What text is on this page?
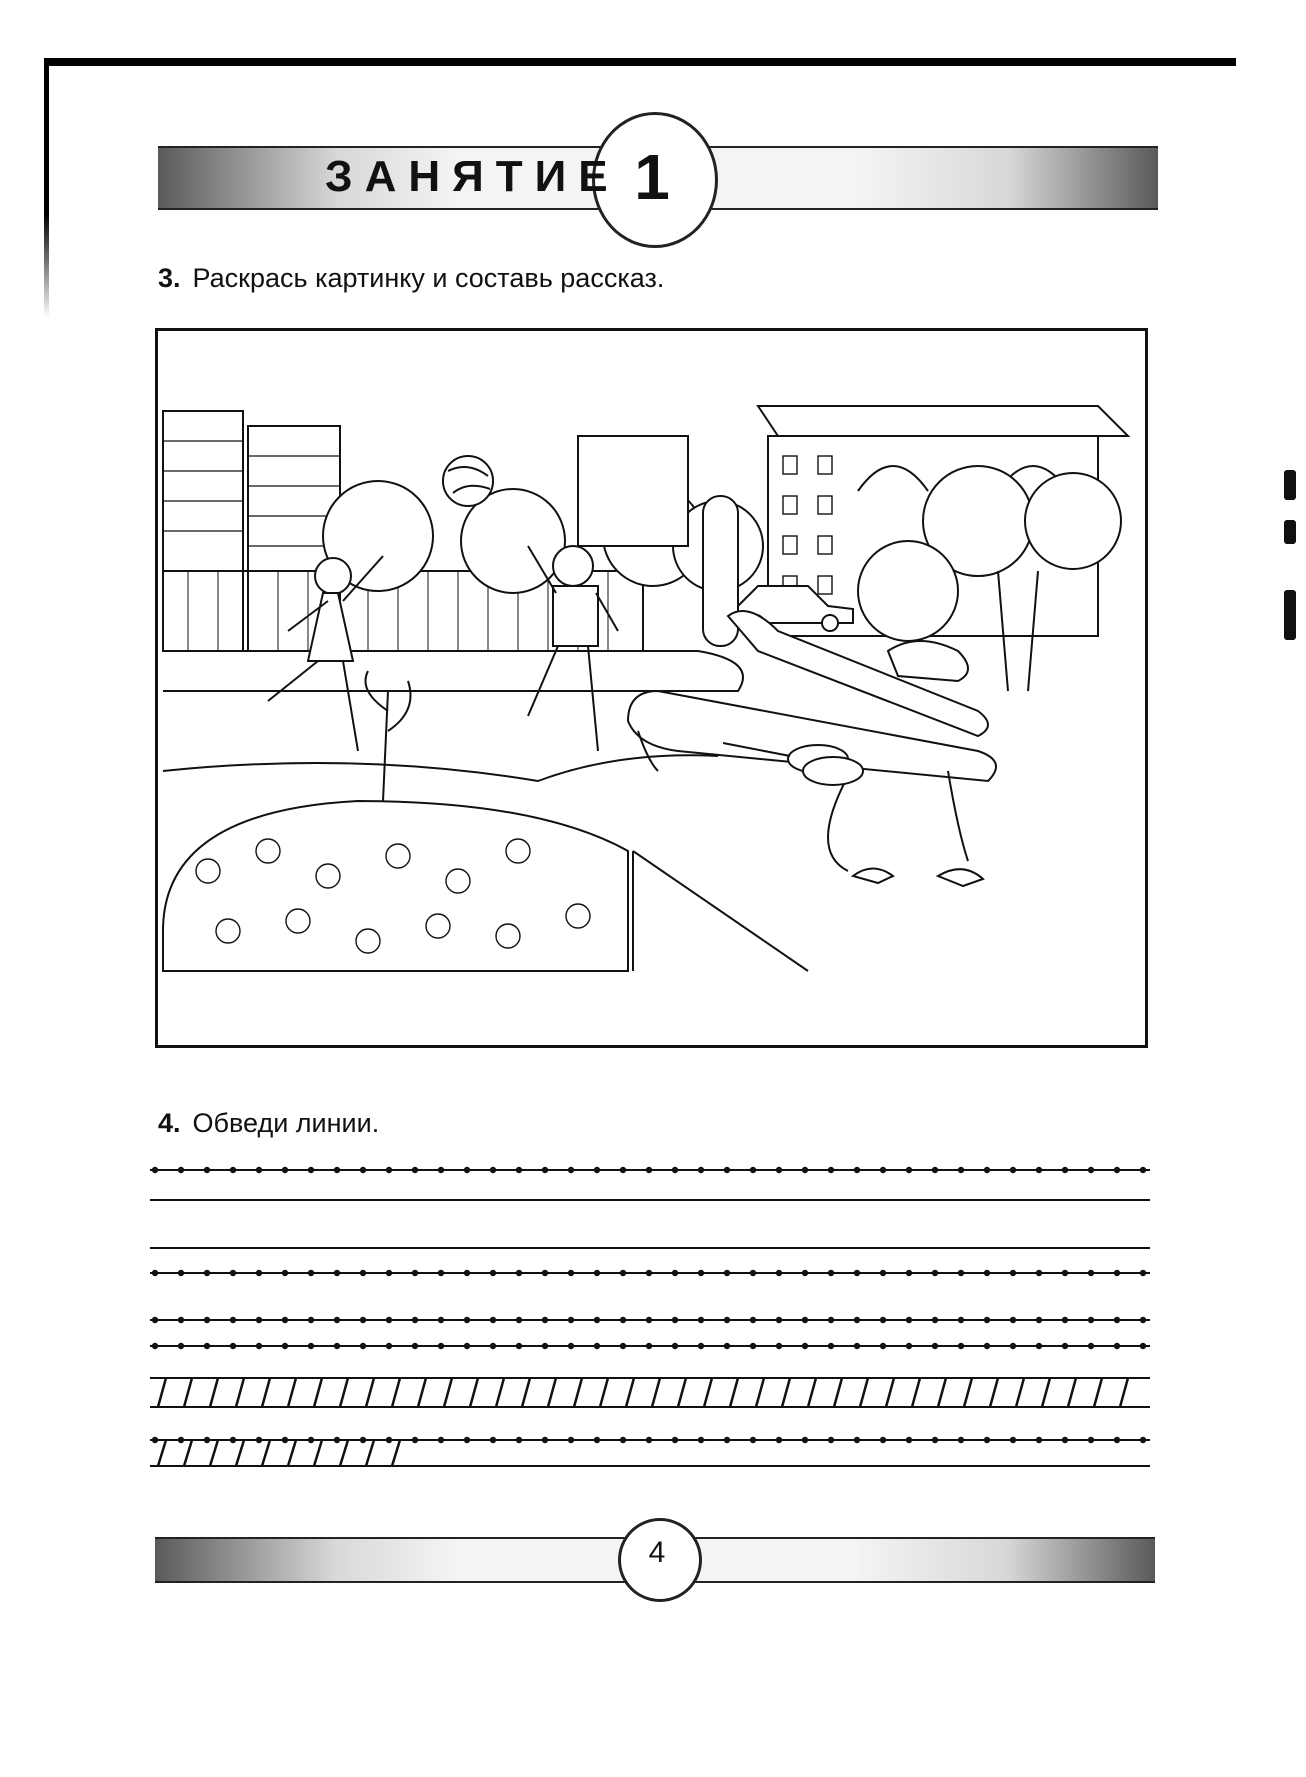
ЗАНЯТИЕ 1
3. Раскрась картинку и составь рассказ.
4. Обведи линии.
4
